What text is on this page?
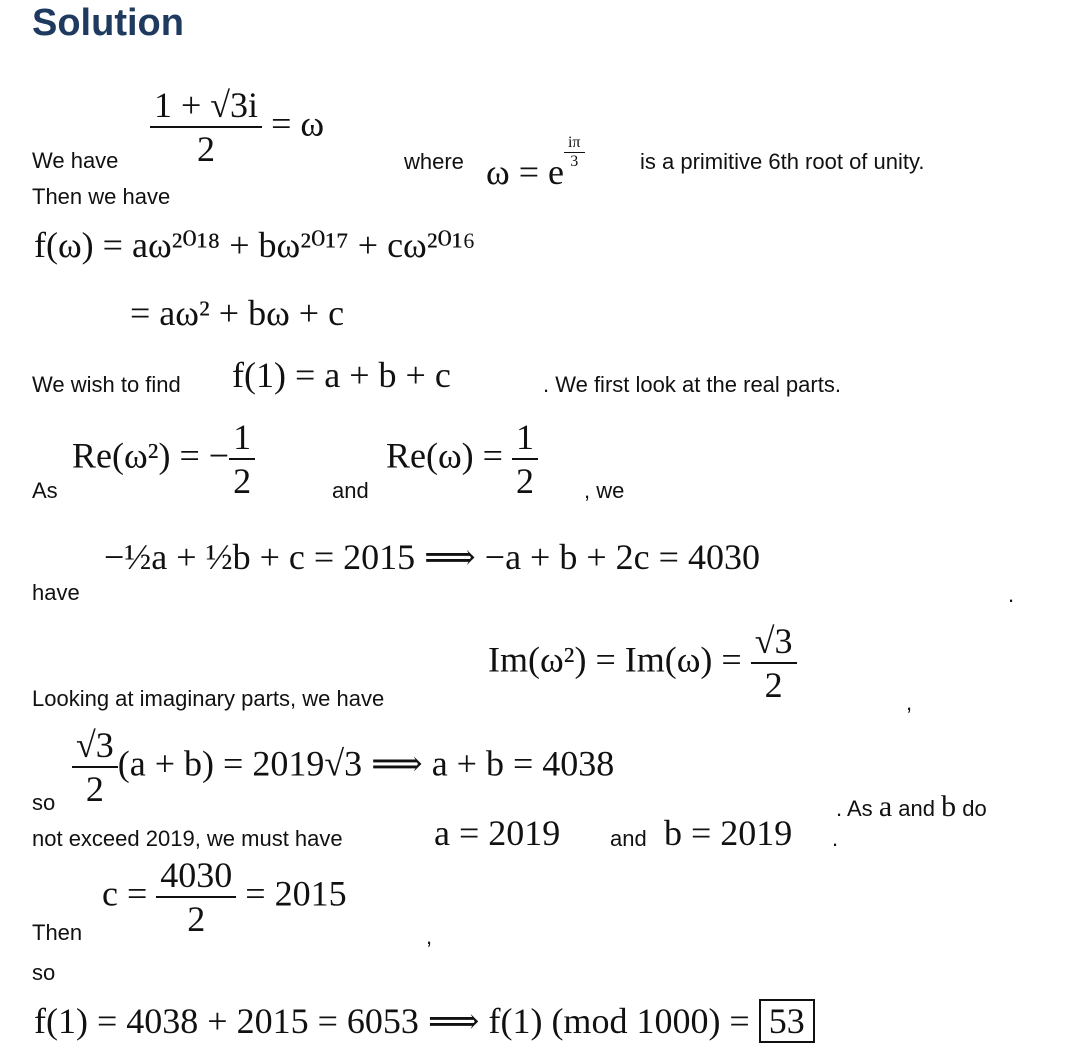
Solution
We have $\frac{1 + √3i}{2} = \omega$
where ω = e $\frac{i\pi}{3}$	is a primitive 6th root of unity.
Then we have
f(ω) = aω²⁰¹⁸ + bω²⁰¹⁷ + cω²⁰¹⁶
= aω² + bω + c
We wish to find f(1) = a + b + c	. We first look at the real parts.
As
Re(ω²) = − $\frac{1}{2}$	and
$Re(\omega) = \frac{1}{2}$ , we
have
−½a + ½b + c = 2015 ⟹ −a + b + 2c = 4030
.
Looking at imaginary parts, we have
$Im(\omega^2) = Im(\omega) = \frac{√3}{2}$	,
so $\frac{√3}{2} (a + b) = 2019√3$ ⟹ a + b = 4038
. As a and b do
not exceed 2019, we must have	a = 2019 and b = 2019 .
Then
$c = \frac{4030}{2} = 2015$
,
so
f(1) = 4038 + 2015 = 6053 ⟹ f(1) (mod 1000) = 53
